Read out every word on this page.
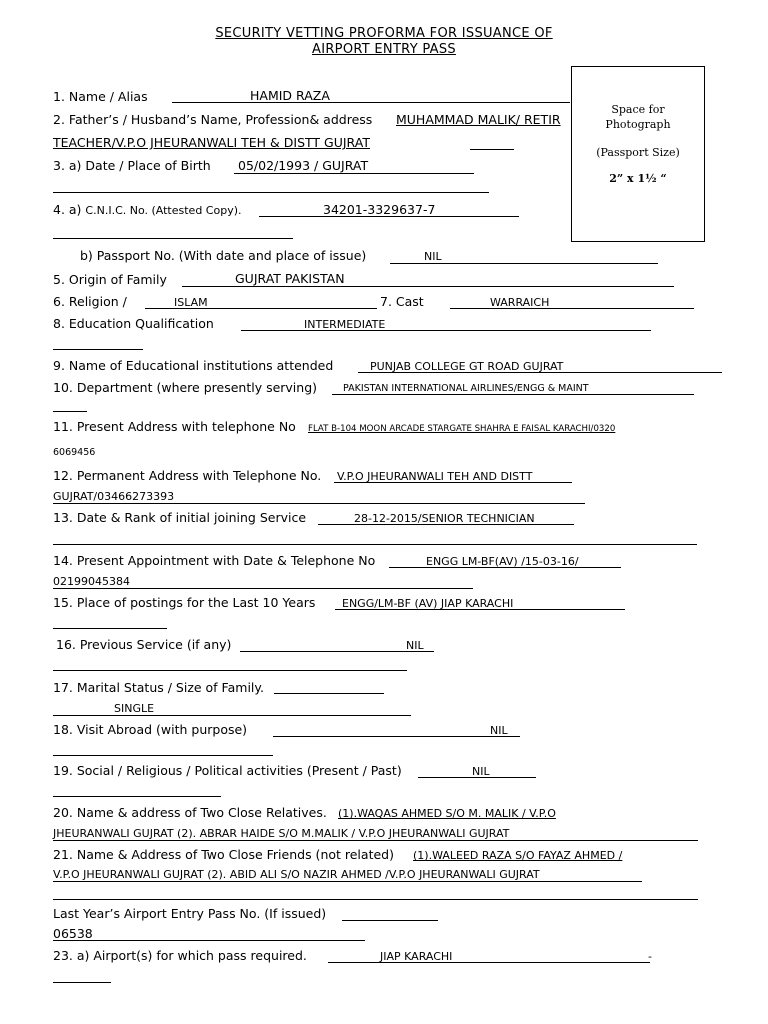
SECURITY VETTING PROFORMA FOR ISSUANCE OF
AIRPORT ENTRY PASS
Space for
Photograph
(Passport Size)
2” x 1½ “
1. Name / Alias	HAMID RAZA
2. Father’s / Husband’s Name, Profession& address MUHAMMAD MALIK/ RETIR
TEACHER/V.P.O JHEURANWALI TEH & DISTT GUJRAT
3. a) Date / Place of Birth 05/02/1993 / GUJRAT
4. a) C.N.I.C. No. (Attested Copy).	34201-3329637-7
b) Passport No. (With date and place of issue)	NIL
5. Origin of Family	GUJRAT PAKISTAN
6. Religion /	ISLAM	7. Cast	WARRAICH
8. Education Qualification	INTERMEDIATE
9. Name of Educational institutions attended	PUNJAB COLLEGE GT ROAD GUJRAT
10. Department (where presently serving)	PAKISTAN INTERNATIONAL AIRLINES/ENGG & MAINT
11. Present Address with telephone No FLAT B-104 MOON ARCADE STARGATE SHAHRA E FAISAL KARACHI/0320
6069456
12. Permanent Address with Telephone No. V.P.O JHEURANWALI TEH AND DISTT
GUJRAT/03466273393
13. Date & Rank of initial joining Service	28-12-2015/SENIOR TECHNICIAN
14. Present Appointment with Date & Telephone No	ENGG LM-BF(AV) /15-03-16/
02199045384
15. Place of postings for the Last 10 Years ENGG/LM-BF (AV) JIAP KARACHI
16. Previous Service (if any)	NIL
17. Marital Status / Size of Family.
SINGLE
18. Visit Abroad (with purpose)	NIL
19. Social / Religious / Political activities (Present / Past)	NIL
20. Name & address of Two Close Relatives. (1).WAQAS AHMED S/O M. MALIK / V.P.O
JHEURANWALI GUJRAT (2). ABRAR HAIDE S/O M.MALIK / V.P.O JHEURANWALI GUJRAT
21. Name & Address of Two Close Friends (not related) (1).WALEED RAZA S/O FAYAZ AHMED /
V.P.O JHEURANWALI GUJRAT (2). ABID ALI S/O NAZIR AHMED /V.P.O JHEURANWALI GUJRAT
Last Year’s Airport Entry Pass No. (If issued)
06538
23. a) Airport(s) for which pass required.	JIAP KARACHI	-
